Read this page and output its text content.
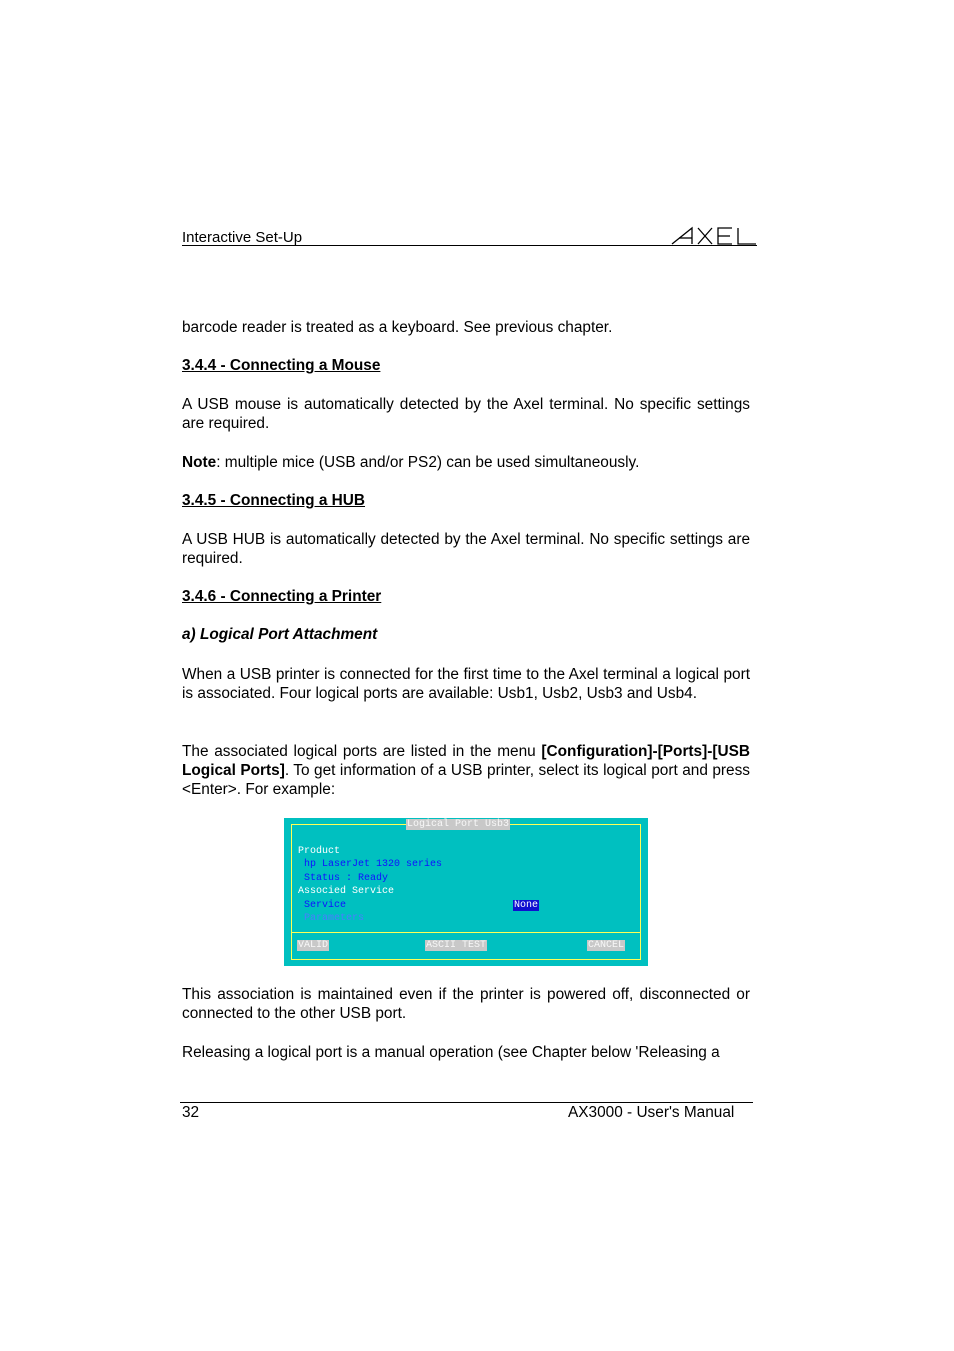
Interactive Set-Up
barcode reader is treated as a keyboard. See previous chapter.
3.4.4 - Connecting a Mouse
A USB mouse is automatically detected by the Axel terminal. No specific settings are required.
Note: multiple mice (USB and/or PS2) can be used simultaneously.
3.4.5 - Connecting a HUB
A USB HUB is automatically detected by the Axel terminal. No specific settings are required.
3.4.6 - Connecting a Printer
a) Logical Port Attachment
When a USB printer is connected for the first time to the Axel terminal a logical port is associated. Four logical ports are available: Usb1, Usb2, Usb3 and Usb4.
The associated logical ports are listed in the menu [Configuration]-[Ports]-[USB Logical Ports]. To get information of a USB printer, select its logical port and press <Enter>. For example:
Logical Port Usb3
Product
hp LaserJet 1320 series
Status : Ready
Associed Service
Service	None
Parameters
VALID	ASCII TEST	CANCEL
This association is maintained even if the printer is powered off, disconnected or connected to the other USB port.
Releasing a logical port is a manual operation (see Chapter below 'Releasing a
32	AX3000 - User's Manual
